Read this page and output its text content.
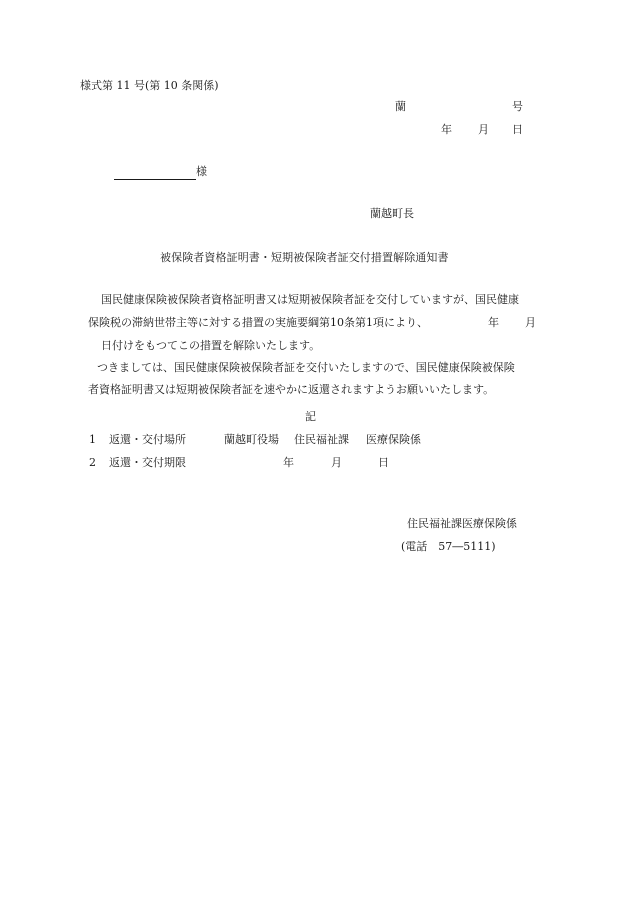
様式第 11 号(第 10 条関係)
蘭	号
年 月 日
様
蘭越町長
被保険者資格証明書・短期被保険者証交付措置解除通知書
国民健康保険被保険者資格証明書又は短期被保険者証を交付していますが、国民健康
保険税の滞納世帯主等に対する措置の実施要綱第10条第1項により、	年 月
日付けをもつてこの措置を解除いたします。
つきましては、国民健康保険被保険者証を交付いたしますので、国民健康保険被保険
者資格証明書又は短期被保険者証を速やかに返還されますようお願いいたします。
記
1 返還・交付場所	蘭越町役場 住民福祉課 医療保険係
2 返還・交付期限	年	月	日
住民福祉課医療保険係
(電話　57―5111)
